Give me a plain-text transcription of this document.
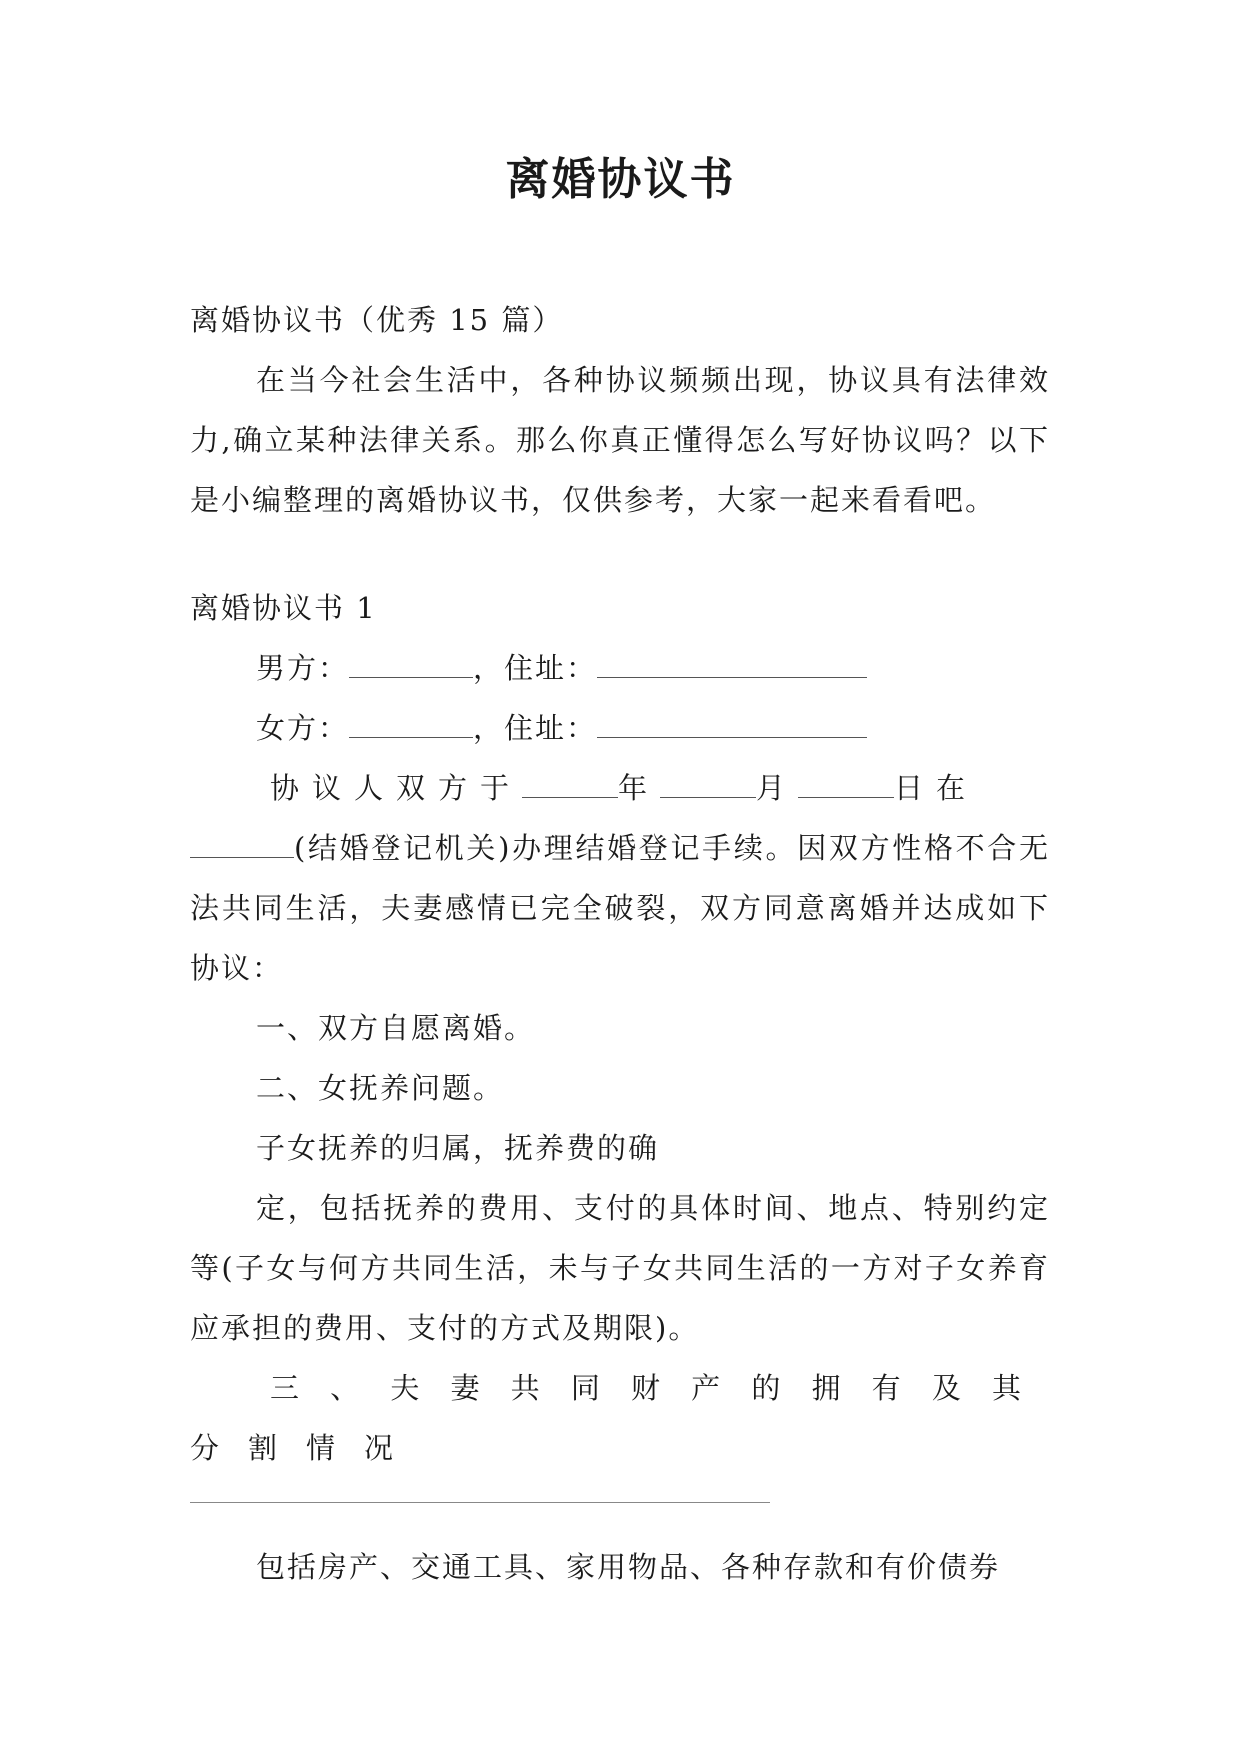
离婚协议书

离婚协议书（优秀 15 篇）

在当今社会生活中，各种协议频频出现，协议具有法律效力,确立某种法律关系。那么你真正懂得怎么写好协议吗？以下是小编整理的离婚协议书，仅供参考，大家一起来看看吧。

离婚协议书 1

男方：	，住址：

女方：	，住址：

协议人双方于	年	月	日在

(结婚登记机关)办理结婚登记手续。因双方性格不合无法共同生活，夫妻感情已完全破裂，双方同意离婚并达成如下协议：

一、双方自愿离婚。

二、女抚养问题。

子女抚养的归属，抚养费的确

定，包括抚养的费用、支付的具体时间、地点、特别约定等(子女与何方共同生活，未与子女共同生活的一方对子女养育应承担的费用、支付的方式及期限)。

三、夫妻共同财产的拥有及其分割情况

包括房产、交通工具、家用物品、各种存款和有价债券
